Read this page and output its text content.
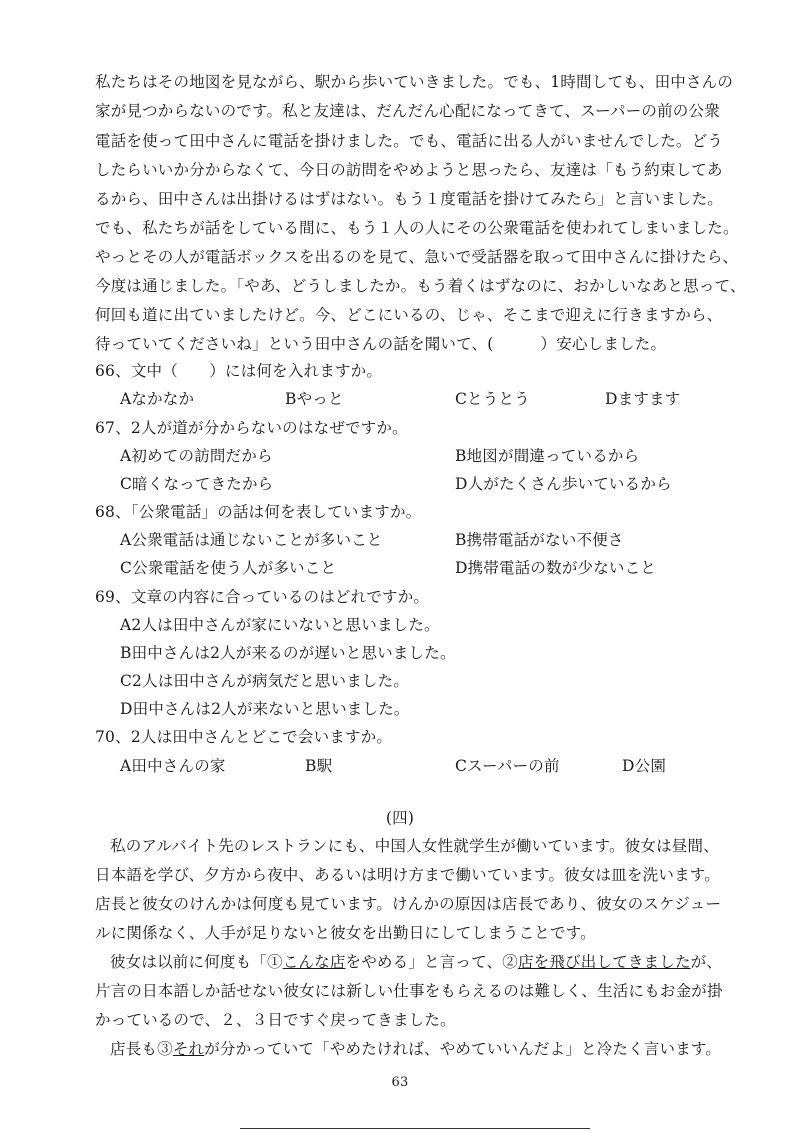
私たちはその地図を見ながら、駅から歩いていきました。でも、1時間しても、田中さんの
家が見つからないのです。私と友達は、だんだん心配になってきて、スーパーの前の公衆
電話を使って田中さんに電話を掛けました。でも、電話に出る人がいませんでした。どう
したらいいか分からなくて、今日の訪問をやめようと思ったら、友達は「もう約束してあ
るから、田中さんは出掛けるはずはない。もう１度電話を掛けてみたら」と言いました。
でも、私たちが話をしている間に、もう１人の人にその公衆電話を使われてしまいました。
やっとその人が電話ボックスを出るのを見て、急いで受話器を取って田中さんに掛けたら、
今度は通じました。「やあ、どうしましたか。もう着くはずなのに、おかしいなあと思って、
何回も道に出ていましたけど。今、どこにいるの、じゃ、そこまで迎えに行きますから、
待っていてくださいね」という田中さんの話を聞いて、(　　　）安心しました。
66、文中（　　）には何を入れますか。
Aなかなか	Bやっと	Cとうとう	Dますます
67、2人が道が分からないのはなぜですか。
A初めての訪問だから	B地図が間違っているから
C暗くなってきたから	D人がたくさん歩いているから
68、「公衆電話」の話は何を表していますか。
A公衆電話は通じないことが多いこと	B携帯電話がない不便さ
C公衆電話を使う人が多いこと	D携帯電話の数が少ないこと
69、文章の内容に合っているのはどれですか。
A2人は田中さんが家にいないと思いました。
B田中さんは2人が来るのが遅いと思いました。
C2人は田中さんが病気だと思いました。
D田中さんは2人が来ないと思いました。
70、2人は田中さんとどこで会いますか。
A田中さんの家	B駅	Cスーパーの前	D公園
(四)
私のアルバイト先のレストランにも、中国人女性就学生が働いています。彼女は昼間、
日本語を学び、夕方から夜中、あるいは明け方まで働いています。彼女は皿を洗います。
店長と彼女のけんかは何度も見ています。けんかの原因は店長であり、彼女のスケジュー
ルに関係なく、人手が足りないと彼女を出勤日にしてしまうことです。
彼女は以前に何度も「①こんな店をやめる」と言って、②店を飛び出してきましたが、
片言の日本語しか話せない彼女には新しい仕事をもらえるのは難しく、生活にもお金が掛
かっているので、２、３日ですぐ戻ってきました。
店長も③それが分かっていて「やめたければ、やめていいんだよ」と冷たく言います。
63
